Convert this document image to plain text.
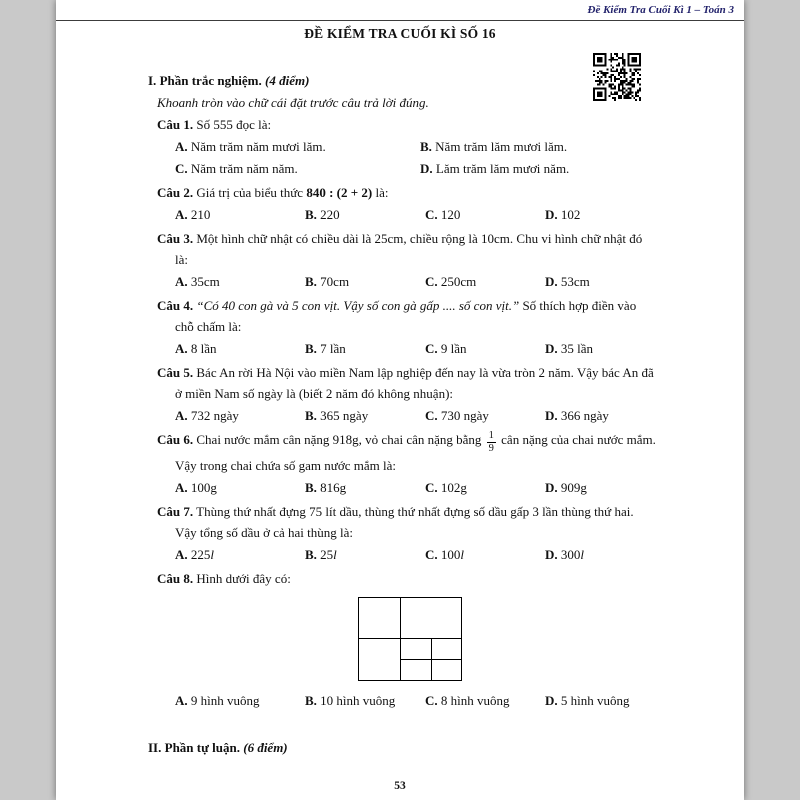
Đề Kiểm Tra Cuối Kì 1 – Toán 3
ĐỀ KIỂM TRA CUỐI KÌ SỐ 16
I. Phần trắc nghiệm. (4 điểm)
Khoanh tròn vào chữ cái đặt trước câu trả lời đúng.
Câu 1. Số 555 đọc là:
A. Năm trăm năm mươi lăm.	B. Năm trăm lăm mươi lăm.
C. Năm trăm năm năm.	D. Lăm trăm lăm mươi năm.
Câu 2. Giá trị của biểu thức 840 : (2 + 2) là:
A. 210	B. 220	C. 120	D. 102
Câu 3. Một hình chữ nhật có chiều dài là 25cm, chiều rộng là 10cm. Chu vi hình chữ nhật đó là:
A. 35cm	B. 70cm	C. 250cm	D. 53cm
Câu 4. “Có 40 con gà và 5 con vịt. Vậy số con gà gấp .... số con vịt.” Số thích hợp điền vào chỗ chấm là:
A. 8 lần	B. 7 lần	C. 9 lần	D. 35 lần
Câu 5. Bác An rời Hà Nội vào miền Nam lập nghiệp đến nay là vừa tròn 2 năm. Vậy bác An đã ở miền Nam số ngày là (biết 2 năm đó không nhuận):
A. 732 ngày	B. 365 ngày	C. 730 ngày	D. 366 ngày
Câu 6. Chai nước mắm cân nặng 918g, vỏ chai cân nặng bằng $\frac{1}{9}$ cân nặng của chai nước mắm. Vậy trong chai chứa số gam nước mắm là:
A. 100g	B. 816g	C. 102g	D. 909g
Câu 7. Thùng thứ nhất đựng 75 lít dầu, thùng thứ nhất đựng số dầu gấp 3 lần thùng thứ hai. Vậy tổng số dầu ở cả hai thùng là:
A. 225l	B. 25l	C. 100l	D. 300l
Câu 8. Hình dưới đây có:
A. 9 hình vuông	B. 10 hình vuông	C. 8 hình vuông	D. 5 hình vuông
II. Phần tự luận. (6 điểm)
53
